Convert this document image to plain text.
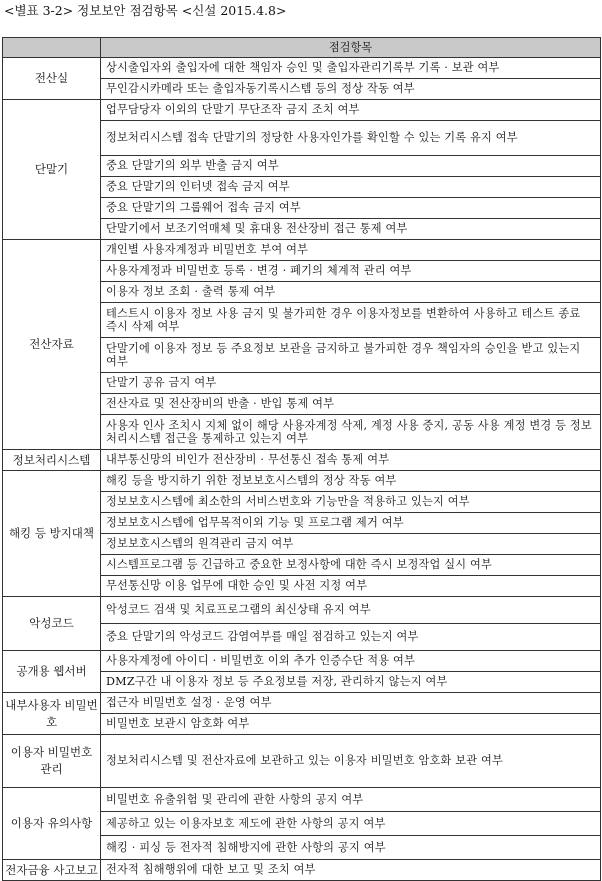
<별표 3-2> 정보보안 점검항목 <신설 2015.4.8>
	점검항목
전산실	상시출입자외 출입자에 대한 책임자 승인 및 출입자관리기록부 기록 · 보관 여부
	무인감시카메라 또는 출입자동기록시스템 등의 정상 작동 여부
단말기	업무담당자 이외의 단말기 무단조작 금지 조치 여부
	정보처리시스템 접속 단말기의 정당한 사용자인가를 확인할 수 있는 기록 유지 여부
	중요 단말기의 외부 반출 금지 여부
	중요 단말기의 인터넷 접속 금지 여부
	중요 단말기의 그룹웨어 접속 금지 여부
	단말기에서 보조기억매체 및 휴대용 전산장비 접근 통제 여부
전산자료	개인별 사용자계정과 비밀번호 부여 여부
	사용자계정과 비밀번호 등록 · 변경 · 폐기의 체계적 관리 여부
	이용자 정보 조회 · 출력 통제 여부
	테스트시 이용자 정보 사용 금지 및 불가피한 경우 이용자정보를 변환하여 사용하고 테스트 종료 즉시 삭제 여부
	단말기에 이용자 정보 등 주요정보 보관을 금지하고 불가피한 경우 책임자의 승인을 받고 있는지 여부
	단말기 공유 금지 여부
	전산자료 및 전산장비의 반출 · 반입 통제 여부
	사용자 인사 조치시 지체 없이 해당 사용자계정 삭제, 계정 사용 중지, 공동 사용 계정 변경 등 정보처리시스템 접근을 통제하고 있는지 여부
정보처리시스템	내부통신망의 비인가 전산장비 · 무선통신 접속 통제 여부
해킹 등 방지대책	해킹 등을 방지하기 위한 정보보호시스템의 정상 작동 여부
	정보보호시스템에 최소한의 서비스번호와 기능만을 적용하고 있는지 여부
	정보보호시스템에 업무목적이외 기능 및 프로그램 제거 여부
	정보보호시스템의 원격관리 금지 여부
	시스템프로그램 등 긴급하고 중요한 보정사항에 대한 즉시 보정작업 실시 여부
	무선통신망 이용 업무에 대한 승인 및 사전 지정 여부
악성코드	악성코드 검색 및 치료프로그램의 최신상태 유지 여부
	중요 단말기의 악성코드 감염여부를 매일 점검하고 있는지 여부
공개용 웹서버	사용자계정에 아이디 · 비밀번호 이외 추가 인증수단 적용 여부
	DMZ구간 내 이용자 정보 등 주요정보를 저장, 관리하지 않는지 여부
내부사용자 비밀번호	접근자 비밀번호 설정 · 운영 여부
	비밀번호 보관시 암호화 여부
이용자 비밀번호 관리	정보처리시스템 및 전산자료에 보관하고 있는 이용자 비밀번호 암호화 보관 여부
이용자 유의사항	비밀번호 유출위험 및 관리에 관한 사항의 공지 여부
	제공하고 있는 이용자보호 제도에 관한 사항의 공지 여부
	해킹 · 피싱 등 전자적 침해방지에 관한 사항의 공지 여부
전자금융 사고보고	전자적 침해행위에 대한 보고 및 조치 여부
